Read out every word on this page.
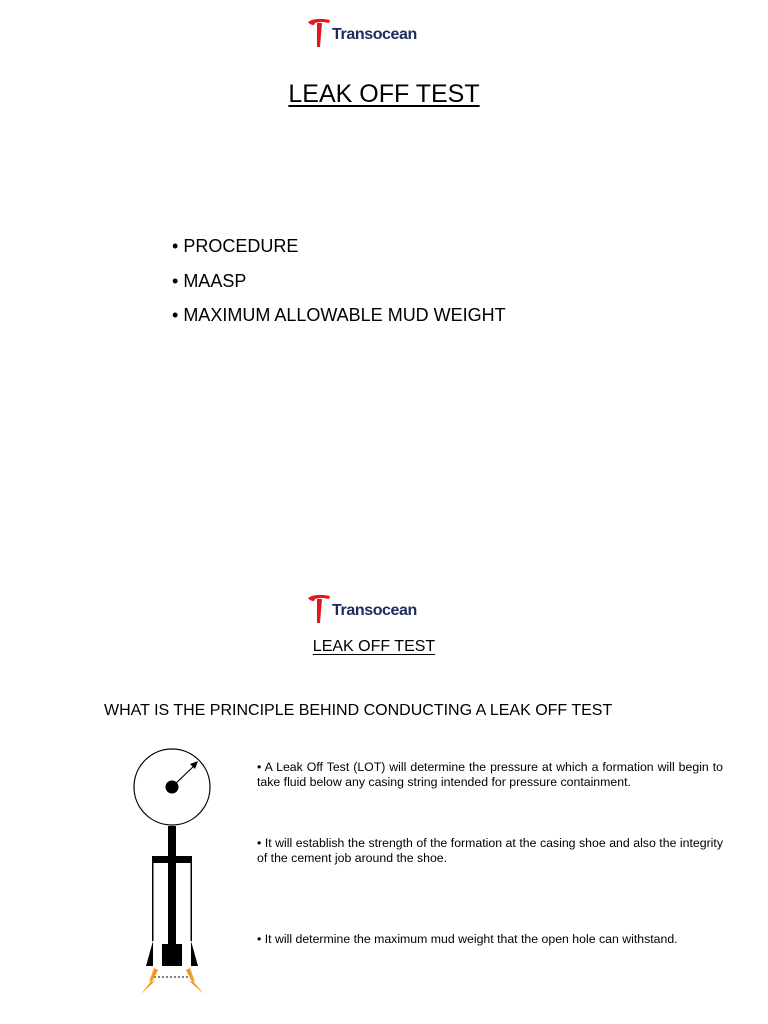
Transocean
LEAK OFF TEST
• PROCEDURE
• MAASP
• MAXIMUM ALLOWABLE MUD WEIGHT
Transocean
LEAK OFF TEST
WHAT IS THE PRINCIPLE BEHIND CONDUCTING A LEAK OFF TEST
• A Leak Off Test (LOT) will determine the pressure at which a formation will begin to take fluid below any casing string intended for pressure containment.
• It will establish the strength of the formation at the casing shoe and also the integrity of the cement job around the shoe.
• It will determine the maximum mud weight that the open hole can withstand.
